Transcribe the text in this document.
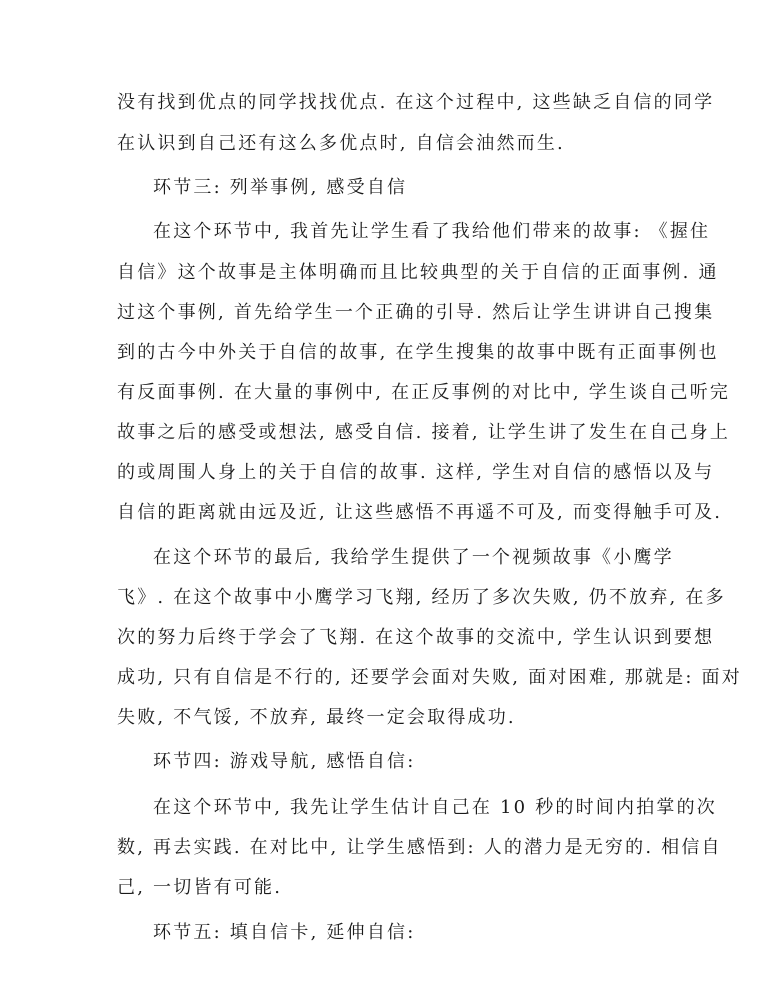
没有找到优点的同学找找优点. 在这个过程中, 这些缺乏自信的同学
在认识到自己还有这么多优点时, 自信会油然而生.
环节三: 列举事例, 感受自信
在这个环节中, 我首先让学生看了我给他们带来的故事: 《握住
自信》这个故事是主体明确而且比较典型的关于自信的正面事例. 通
过这个事例, 首先给学生一个正确的引导. 然后让学生讲讲自己搜集
到的古今中外关于自信的故事, 在学生搜集的故事中既有正面事例也
有反面事例. 在大量的事例中, 在正反事例的对比中, 学生谈自己听完
故事之后的感受或想法, 感受自信. 接着, 让学生讲了发生在自己身上
的或周围人身上的关于自信的故事. 这样, 学生对自信的感悟以及与
自信的距离就由远及近, 让这些感悟不再遥不可及, 而变得触手可及.
在这个环节的最后, 我给学生提供了一个视频故事《小鹰学
飞》. 在这个故事中小鹰学习飞翔, 经历了多次失败, 仍不放弃, 在多
次的努力后终于学会了飞翔. 在这个故事的交流中, 学生认识到要想
成功, 只有自信是不行的, 还要学会面对失败, 面对困难, 那就是: 面对
失败, 不气馁, 不放弃, 最终一定会取得成功.
环节四: 游戏导航, 感悟自信:
在这个环节中, 我先让学生估计自己在 10 秒的时间内拍掌的次
数, 再去实践. 在对比中, 让学生感悟到: 人的潜力是无穷的. 相信自
己, 一切皆有可能.
环节五: 填自信卡, 延伸自信:
